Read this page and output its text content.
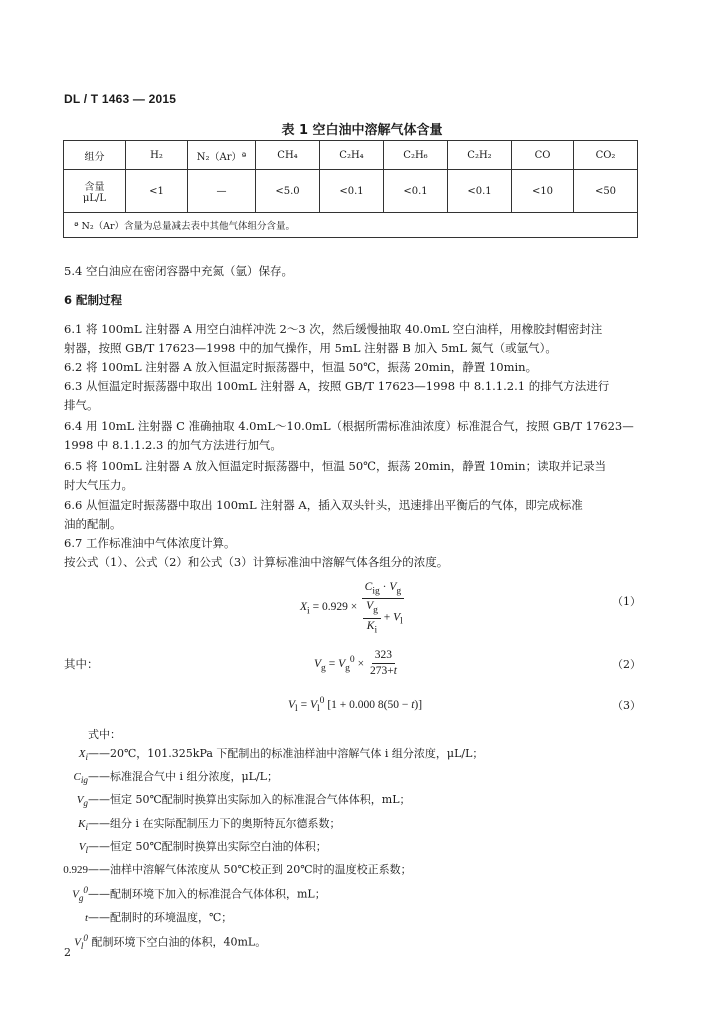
DL / T 1463 — 2015
表 1 空白油中溶解气体含量
组分	H₂	N₂（Ar）ª	CH₄	C₂H₄	C₂H₆	C₂H₂	CO	CO₂

含量
μL/L	<1	—	<5.0	<0.1	<0.1	<0.1	<10	<50
ª N₂（Ar）含量为总量减去表中其他气体组分含量。								
5.4 空白油应在密闭容器中充氮（氩）保存。
6 配制过程
6.1 将 100mL 注射器 A 用空白油样冲洗 2～3 次，然后缓慢抽取 40.0mL 空白油样，用橡胶封帽密封注
射器，按照 GB/T 17623—1998 中的加气操作，用 5mL 注射器 B 加入 5mL 氮气（或氩气）。
6.2 将 100mL 注射器 A 放入恒温定时振荡器中，恒温 50℃，振荡 20min，静置 10min。
6.3 从恒温定时振荡器中取出 100mL 注射器 A，按照 GB/T 17623—1998 中 8.1.1.2.1 的排气方法进行
排气。
6.4 用 10mL 注射器 C 准确抽取 4.0mL～10.0mL（根据所需标准油浓度）标准混合气，按照 GB/T 17623—
1998 中 8.1.1.2.3 的加气方法进行加气。
6.5 将 100mL 注射器 A 放入恒温定时振荡器中，恒温 50℃，振荡 20min，静置 10min；读取并记录当
时大气压力。
6.6 从恒温定时振荡器中取出 100mL 注射器 A，插入双头针头，迅速排出平衡后的气体，即完成标准
油的配制。
6.7 工作标准油中气体浓度计算。
按公式（1）、公式（2）和公式（3）计算标准油中溶解气体各组分的浓度。
$X_i = 0.929 \times \frac{C_{ig} \cdot V_g}{\frac{V_g}{K_i} + V_l}$	（1）
其中：	$V_g = V_g^0 \times \frac{323}{273+t}$	（2）
$V_l = V_l^0$ [1 + 0.000 8(50 − t)]	（3）
式中：
$X_i——20℃$，101.325kPa 下配制出的标准油样油中溶解气体 i 组分浓度，μL/L；
$C_{ig}——$标准混合气中 i 组分浓度，μL/L；
$V_g——$恒定 50℃配制时换算出实际加入的标准混合气体体积，mL；
$K_i——$组分 i 在实际配制压力下的奥斯特瓦尔德系数；
$V_l——$恒定 50℃配制时换算出实际空白油的体积；
0.929——油样中溶解气体浓度从 50℃校正到 20℃时的温度校正系数；
$V_g^0——$配制环境下加入的标准混合气体体积，mL；
t——配制时的环境温度，℃；
$V_l^0$ 配制环境下空白油的体积，40mL。
2
